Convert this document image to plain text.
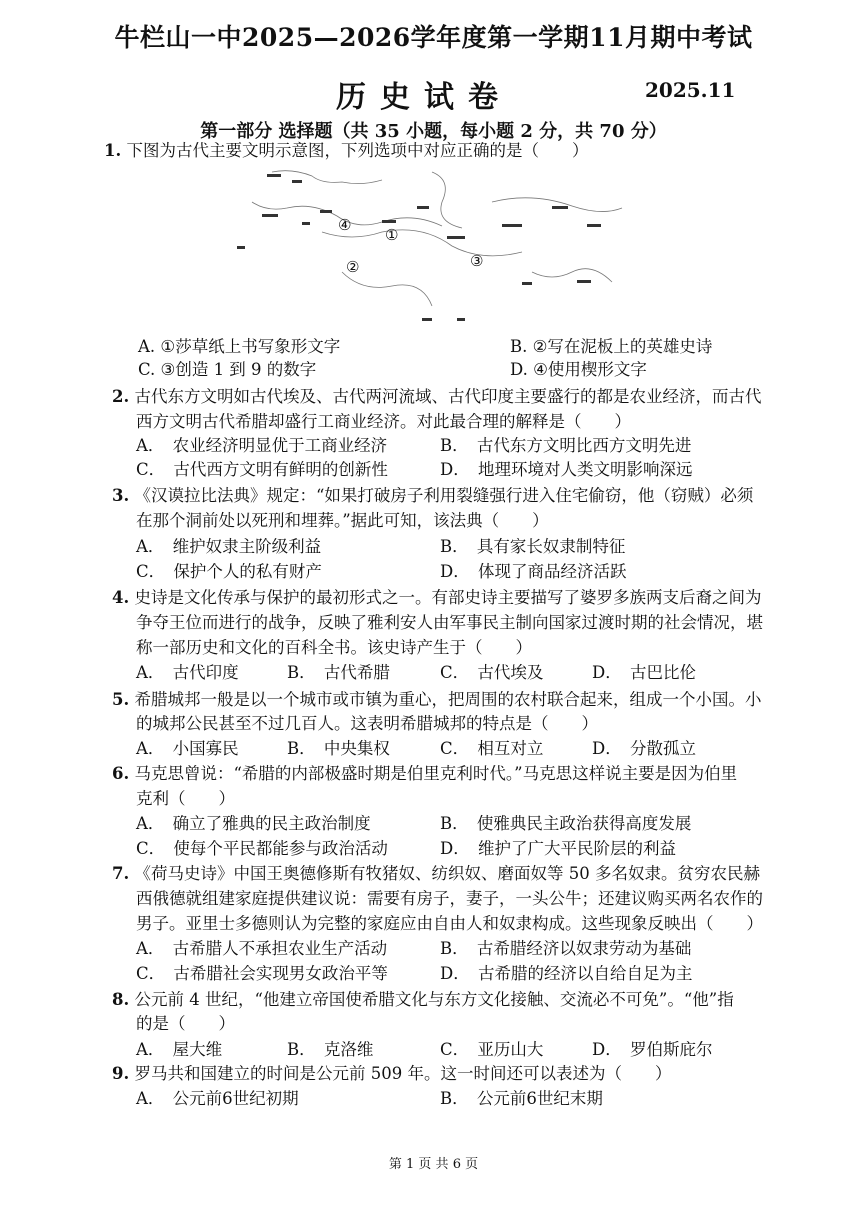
牛栏山一中2025—2026学年度第一学期11月期中考试
历史试卷	2025.11
第一部分 选择题（共 35 小题，每小题 2 分，共 70 分）
1. 下图为古代主要文明示意图，下列选项中对应正确的是（　　）
④
①
②	③
A. ①莎草纸上书写象形文字	B. ②写在泥板上的英雄史诗
C. ③创造 1 到 9 的数字	D. ④使用楔形文字
2. 古代东方文明如古代埃及、古代两河流域、古代印度主要盛行的都是农业经济，而古代
西方文明古代希腊却盛行工商业经济。对此最合理的解释是（　　）
A．　农业经济明显优于工商业经济	B．　古代东方文明比西方文明先进
C．　古代西方文明有鲜明的创新性	D．　地理环境对人类文明影响深远
3. 《汉谟拉比法典》规定：“如果打破房子利用裂缝强行进入住宅偷窃，他（窃贼）必须
在那个洞前处以死刑和埋葬。”据此可知，该法典（　　）
A．　维护奴隶主阶级利益	B．　具有家长奴隶制特征
C．　保护个人的私有财产	D．　体现了商品经济活跃
4. 史诗是文化传承与保护的最初形式之一。有部史诗主要描写了婆罗多族两支后裔之间为
争夺王位而进行的战争，反映了雅利安人由军事民主制向国家过渡时期的社会情况，堪
称一部历史和文化的百科全书。该史诗产生于（　　）
A．　古代印度	B．　古代希腊	C．　古代埃及	D．　古巴比伦
5. 希腊城邦一般是以一个城市或市镇为重心，把周围的农村联合起来，组成一个小国。小
的城邦公民甚至不过几百人。这表明希腊城邦的特点是（　　）
A．　小国寡民	B．　中央集权	C．　相互对立	D．　分散孤立
6. 马克思曾说：“希腊的内部极盛时期是伯里克利时代。”马克思这样说主要是因为伯里
克利（　　）
A．　确立了雅典的民主政治制度	B．　使雅典民主政治获得高度发展
C．　使每个平民都能参与政治活动	D．　维护了广大平民阶层的利益
7. 《荷马史诗》中国王奥德修斯有牧猪奴、纺织奴、磨面奴等 50 多名奴隶。贫穷农民赫
西俄德就组建家庭提供建议说：需要有房子，妻子，一头公牛；还建议购买两名农作的
男子。亚里士多德则认为完整的家庭应由自由人和奴隶构成。这些现象反映出（　　）
A．　古希腊人不承担农业生产活动	B．　古希腊经济以奴隶劳动为基础
C．　古希腊社会实现男女政治平等	D．　古希腊的经济以自给自足为主
8. 公元前 4 世纪，“他建立帝国使希腊文化与东方文化接触、交流必不可免”。“他”指
的是（　　）
A．　屋大维	B．　克洛维	C．　亚历山大	D．　罗伯斯庇尔
9. 罗马共和国建立的时间是公元前 509 年。这一时间还可以表述为（　　）
A．　公元前6世纪初期	B．　公元前6世纪末期
第 1 页 共 6 页
